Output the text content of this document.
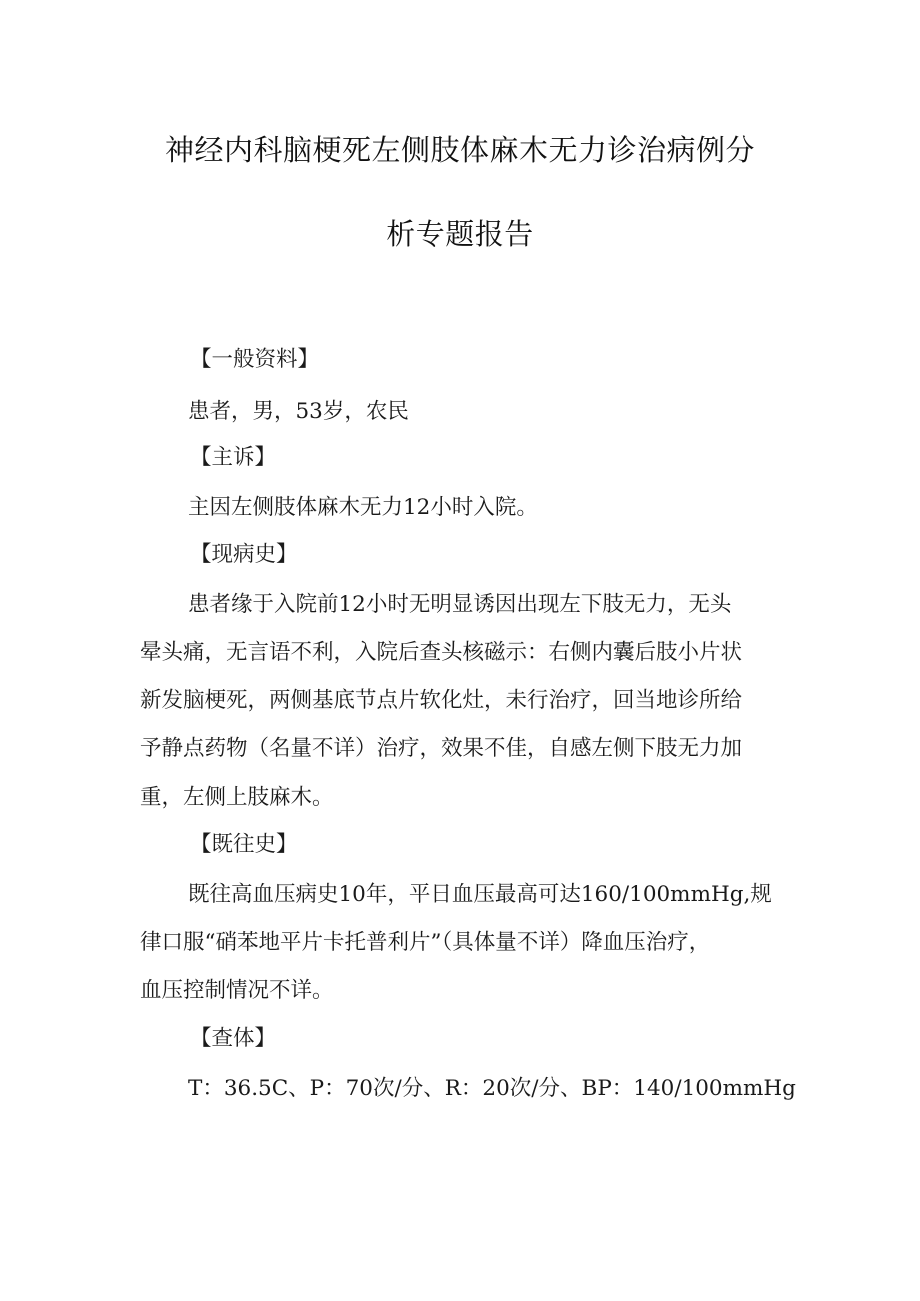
神经内科脑梗死左侧肢体麻木无力诊治病例分
析专题报告
【一般资料】
患者，男，53岁，农民
【主诉】
主因左侧肢体麻木无力12小时入院。
【现病史】
患者缘于入院前12小时无明显诱因出现左下肢无力，无头
晕头痛，无言语不利，入院后查头核磁示：右侧内囊后肢小片状
新发脑梗死，两侧基底节点片软化灶，未行治疗，回当地诊所给
予静点药物（名量不详）治疗，效果不佳，自感左侧下肢无力加
重，左侧上肢麻木。
【既往史】
既往高血压病史10年，平日血压最高可达160/100mmHg,规
律口服“硝苯地平片卡托普利片”（具体量不详）降血压治疗，
血压控制情况不详。
【查体】
T：36.5C、P：70次/分、R：20次/分、BP：140/100mmHg
